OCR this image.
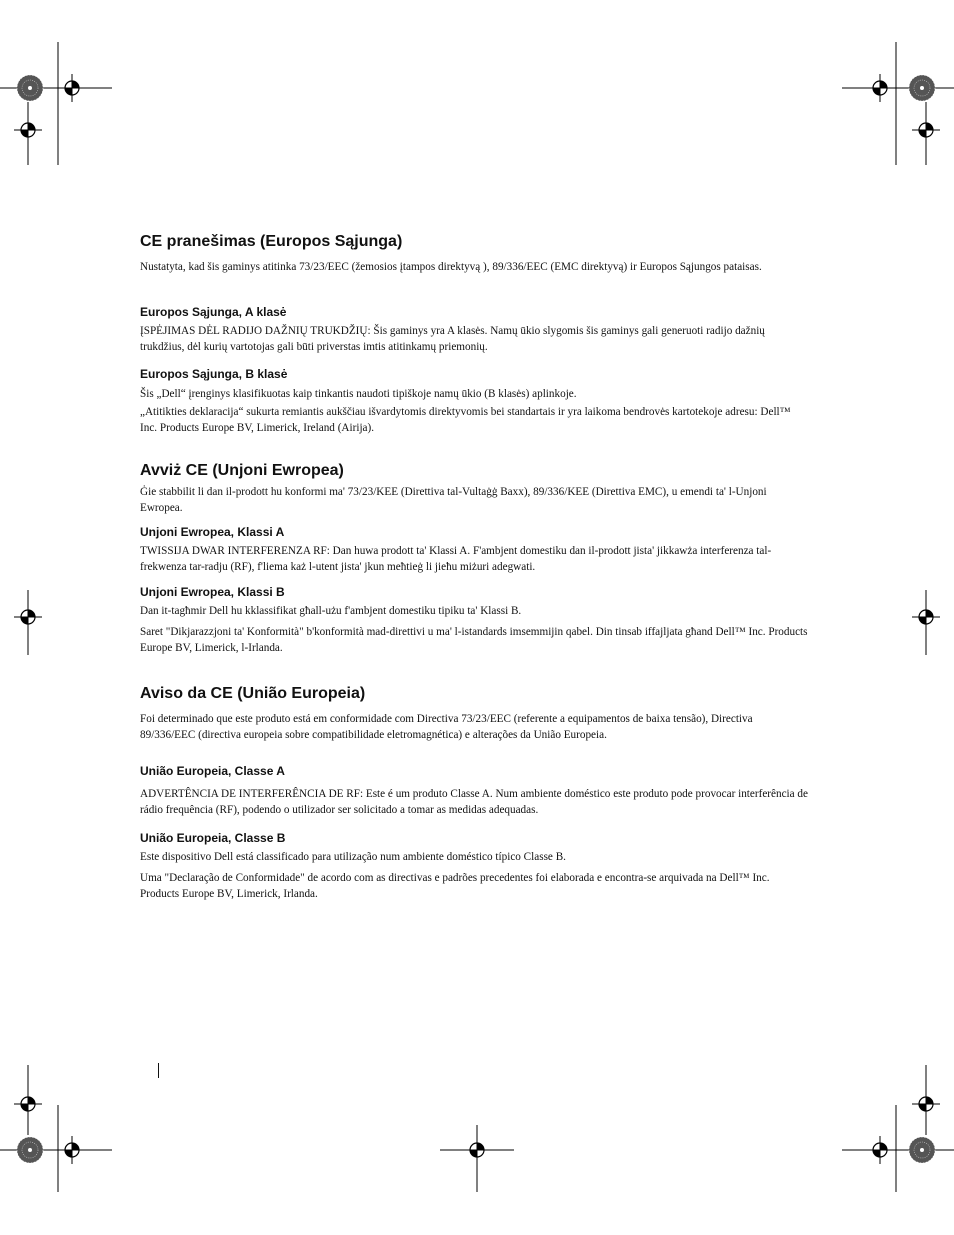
CE pranešimas (Europos Sąjunga)

Nustatyta, kad šis gaminys atitinka 73/23/EEC (žemosios įtampos direktyvą ), 89/336/EEC (EMC direktyvą) ir Europos Sąjungos pataisas.

Europos Sąjunga, A klasė

ĮSPĖJIMAS DĖL RADIJO DAŽNIŲ TRUKDŽIŲ: Šis gaminys yra A klasės. Namų ūkio slygomis šis gaminys gali generuoti radijo dažnių trukdžius, dėl kurių vartotojas gali būti priverstas imtis atitinkamų priemonių.

Europos Sąjunga, B klasė

Šis „Dell“ įrenginys klasifikuotas kaip tinkantis naudoti tipiškoje namų ūkio (B klasės) aplinkoje.

„Atitikties deklaracija“ sukurta remiantis aukščiau išvardytomis direktyvomis bei standartais ir yra laikoma bendrovės kartotekoje adresu: Dell™ Inc. Products Europe BV, Limerick, Ireland (Airija).

Avviż CE (Unjoni Ewropea)

Ġie stabbilit li dan il-prodott hu konformi ma' 73/23/KEE (Direttiva tal-Vultaġġ Baxx), 89/336/KEE (Direttiva EMC), u emendi ta' l-Unjoni Ewropea.

Unjoni Ewropea, Klassi A

TWISSIJA DWAR INTERFERENZA RF: Dan huwa prodott ta' Klassi A. F'ambjent domestiku dan il-prodott jista' jikkawża interferenza tal-frekwenza tar-radju (RF), f'liema każ l-utent jista' jkun meħtieġ li jieħu miżuri adegwati.

Unjoni Ewropea, Klassi B

Dan it-tagħmir Dell hu kklassifikat għall-użu f'ambjent domestiku tipiku ta' Klassi B.

Saret "Dikjarazzjoni ta' Konformità" b'konformità mad-direttivi u ma' l-istandards imsemmijin qabel. Din tinsab iffajljata għand Dell™ Inc. Products Europe BV, Limerick, l-Irlanda.

Aviso da CE (União Europeia)

Foi determinado que este produto está em conformidade com Directiva 73/23/EEC (referente a equipamentos de baixa tensão), Directiva 89/336/EEC (directiva europeia sobre compatibilidade eletromagnética) e alterações da União Europeia.

União Europeia, Classe A

ADVERTÊNCIA DE INTERFERÊNCIA DE RF: Este é um produto Classe A. Num ambiente doméstico este produto pode provocar interferência de rádio frequência (RF), podendo o utilizador ser solicitado a tomar as medidas adequadas.

União Europeia, Classe B

Este dispositivo Dell está classificado para utilização num ambiente doméstico típico Classe B.

Uma "Declaração de Conformidade" de acordo com as directivas e padrões precedentes foi elaborada e encontra-se arquivada na Dell™ Inc. Products Europe BV, Limerick, Irlanda.
